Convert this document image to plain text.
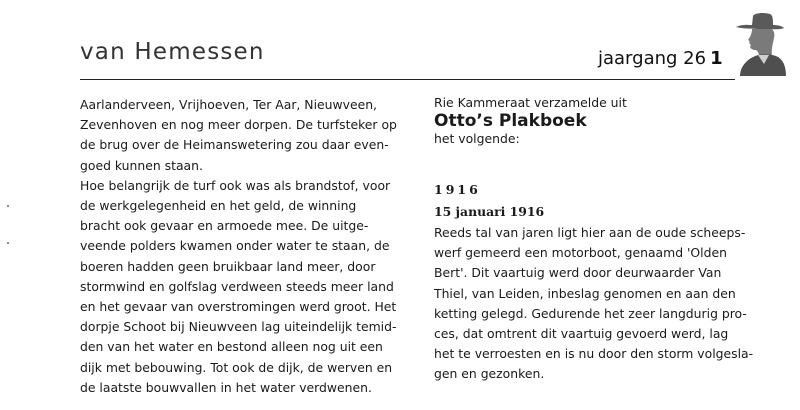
van Hemessen	jaargang 26 1
Aarlanderveen, Vrijhoeven, Ter Aar, Nieuwveen,
Zevenhoven en nog meer dorpen. De turfsteker op
de brug over de Heimanswetering zou daar even-
goed kunnen staan.
Hoe belangrijk de turf ook was als brandstof, voor
de werkgelegenheid en het geld, de winning
bracht ook gevaar en armoede mee. De uitge-
veende polders kwamen onder water te staan, de
boeren hadden geen bruikbaar land meer, door
stormwind en golfslag verdween steeds meer land
en het gevaar van overstromingen werd groot. Het
dorpje Schoot bij Nieuwveen lag uiteindelijk temid-
den van het water en bestond alleen nog uit een
dijk met bebouwing. Tot ook de dijk, de werven en
de laatste bouwvallen in het water verdwenen.
Rie Kammeraat verzamelde uit
Otto’s Plakboek
het volgende:
1916
15 januari 1916
Reeds tal van jaren ligt hier aan de oude scheeps-
werf gemeerd een motorboot, genaamd 'Olden
Bert'. Dit vaartuig werd door deurwaarder Van
Thiel, van Leiden, inbeslag genomen en aan den
ketting gelegd. Gedurende het zeer langdurig pro-
ces, dat omtrent dit vaartuig gevoerd werd, lag
het te verroesten en is nu door den storm volgesla-
gen en gezonken.
